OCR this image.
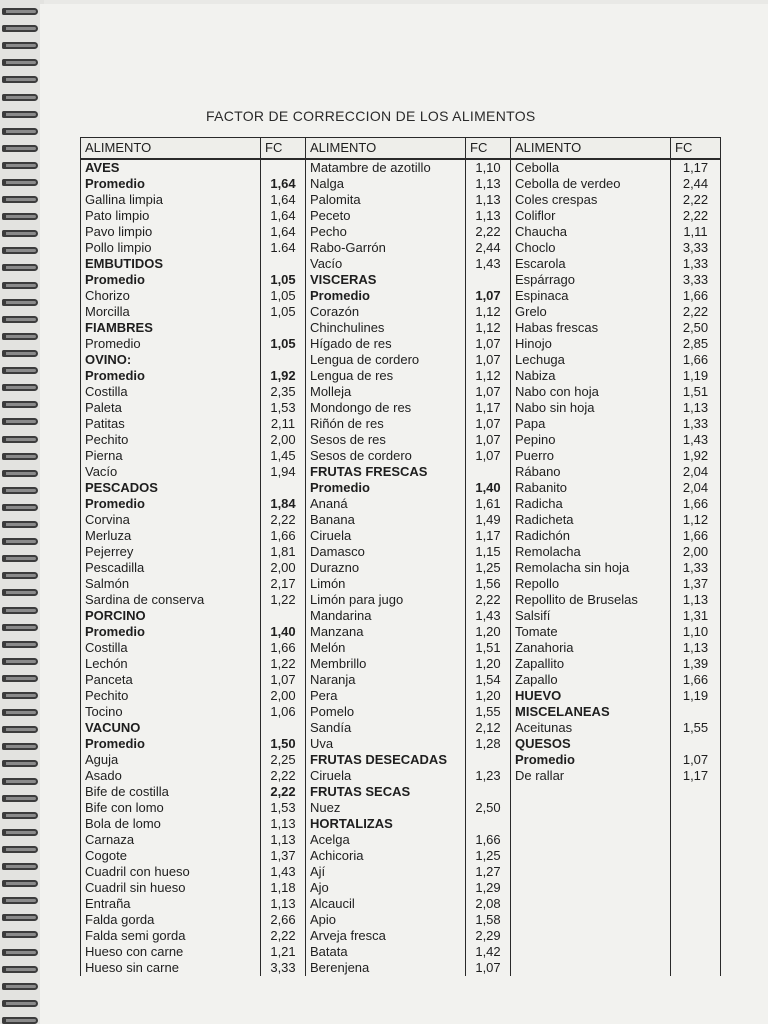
FACTOR DE CORRECCION DE LOS ALIMENTOS
ALIMENTO	FC	ALIMENTO	FC	ALIMENTO	FC
AVES		Matambre de azotillo	1,10	Cebolla	1,17
Promedio	1,64	Nalga	1,13	Cebolla de verdeo	2,44
Gallina limpia	1,64	Palomita	1,13	Coles crespas	2,22
Pato limpio	1,64	Peceto	1,13	Coliflor	2,22
Pavo limpio	1,64	Pecho	2,22	Chaucha	1,11
Pollo limpio	1.64	Rabo-Garrón	2,44	Choclo	3,33
EMBUTIDOS		Vacío	1,43	Escarola	1,33
Promedio	1,05	VISCERAS		Espárrago	3,33
Chorizo	1,05	Promedio	1,07	Espinaca	1,66
Morcilla	1,05	Corazón	1,12	Grelo	2,22
FIAMBRES		Chinchulines	1,12	Habas frescas	2,50
Promedio	1,05	Hígado de res	1,07	Hinojo	2,85
OVINO:		Lengua de cordero	1,07	Lechuga	1,66
Promedio	1,92	Lengua de res	1,12	Nabiza	1,19
Costilla	2,35	Molleja	1,07	Nabo con hoja	1,51
Paleta	1,53	Mondongo de res	1,17	Nabo sin hoja	1,13
Patitas	2,11	Riñón de res	1,07	Papa	1,33
Pechito	2,00	Sesos de res	1,07	Pepino	1,43
Pierna	1,45	Sesos de cordero	1,07	Puerro	1,92
Vacío	1,94	FRUTAS FRESCAS		Rábano	2,04
PESCADOS		Promedio	1,40	Rabanito	2,04
Promedio	1,84	Ananá	1,61	Radicha	1,66
Corvina	2,22	Banana	1,49	Radicheta	1,12
Merluza	1,66	Ciruela	1,17	Radichón	1,66
Pejerrey	1,81	Damasco	1,15	Remolacha	2,00
Pescadilla	2,00	Durazno	1,25	Remolacha sin hoja	1,33
Salmón	2,17	Limón	1,56	Repollo	1,37
Sardina de conserva	1,22	Limón para jugo	2,22	Repollito de Bruselas	1,13
PORCINO		Mandarina	1,43	Salsifí	1,31
Promedio	1,40	Manzana	1,20	Tomate	1,10
Costilla	1,66	Melón	1,51	Zanahoria	1,13
Lechón	1,22	Membrillo	1,20	Zapallito	1,39
Panceta	1,07	Naranja	1,54	Zapallo	1,66
Pechito	2,00	Pera	1,20	HUEVO	1,19
Tocino	1,06	Pomelo	1,55	MISCELANEAS	
VACUNO		Sandía	2,12	Aceitunas	1,55
Promedio	1,50	Uva	1,28	QUESOS	
Aguja	2,25	FRUTAS DESECADAS		Promedio	1,07
Asado	2,22	Ciruela	1,23	De rallar	1,17
Bife de costilla	2,22	FRUTAS SECAS			
Bife con lomo	1,53	Nuez	2,50		
Bola de lomo	1,13	HORTALIZAS			
Carnaza	1,13	Acelga	1,66		
Cogote	1,37	Achicoria	1,25		
Cuadril con hueso	1,43	Ají	1,27		
Cuadril sin hueso	1,18	Ajo	1,29		
Entraña	1,13	Alcaucil	2,08		
Falda gorda	2,66	Apio	1,58		
Falda semi gorda	2,22	Arveja fresca	2,29		
Hueso con carne	1,21	Batata	1,42		
Hueso sin carne	3,33	Berenjena	1,07		
